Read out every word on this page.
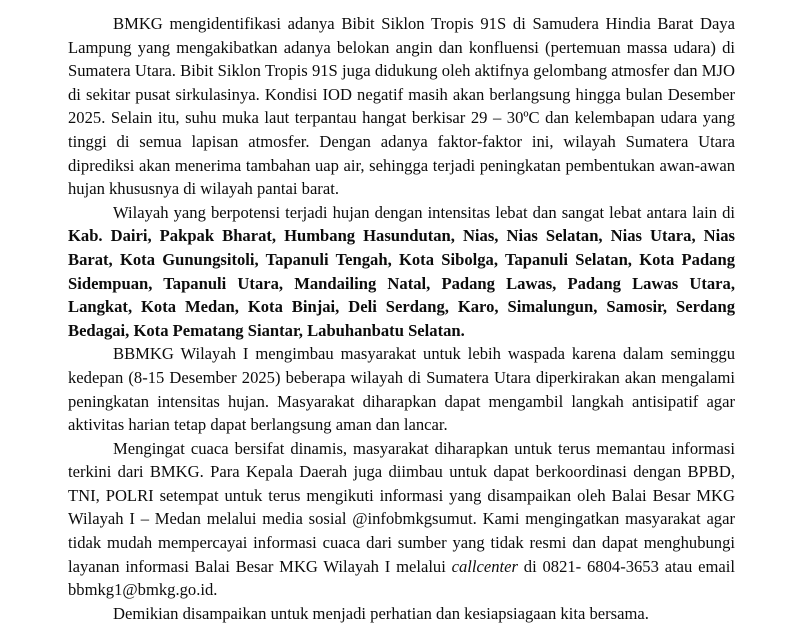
BMKG mengidentifikasi adanya Bibit Siklon Tropis 91S di Samudera Hindia Barat Daya Lampung yang mengakibatkan adanya belokan angin dan konfluensi (pertemuan massa udara) di Sumatera Utara. Bibit Siklon Tropis 91S juga didukung oleh aktifnya gelombang atmosfer dan MJO di sekitar pusat sirkulasinya. Kondisi IOD negatif masih akan berlangsung hingga bulan Desember 2025. Selain itu, suhu muka laut terpantau hangat berkisar 29 – 30ºC dan kelembapan udara yang tinggi di semua lapisan atmosfer. Dengan adanya faktor-faktor ini, wilayah Sumatera Utara diprediksi akan menerima tambahan uap air, sehingga terjadi peningkatan pembentukan awan-awan hujan khususnya di wilayah pantai barat.

Wilayah yang berpotensi terjadi hujan dengan intensitas lebat dan sangat lebat antara lain di Kab. Dairi, Pakpak Bharat, Humbang Hasundutan, Nias, Nias Selatan, Nias Utara, Nias Barat, Kota Gunungsitoli, Tapanuli Tengah, Kota Sibolga, Tapanuli Selatan, Kota Padang Sidempuan, Tapanuli Utara, Mandailing Natal, Padang Lawas, Padang Lawas Utara, Langkat, Kota Medan, Kota Binjai, Deli Serdang, Karo, Simalungun, Samosir, Serdang Bedagai, Kota Pematang Siantar, Labuhanbatu Selatan.

BBMKG Wilayah I mengimbau masyarakat untuk lebih waspada karena dalam seminggu kedepan (8-15 Desember 2025) beberapa wilayah di Sumatera Utara diperkirakan akan mengalami peningkatan intensitas hujan. Masyarakat diharapkan dapat mengambil langkah antisipatif agar aktivitas harian tetap dapat berlangsung aman dan lancar.

Mengingat cuaca bersifat dinamis, masyarakat diharapkan untuk terus memantau informasi terkini dari BMKG. Para Kepala Daerah juga diimbau untuk dapat berkoordinasi dengan BPBD, TNI, POLRI setempat untuk terus mengikuti informasi yang disampaikan oleh Balai Besar MKG Wilayah I – Medan melalui media sosial @infobmkgsumut. Kami mengingatkan masyarakat agar tidak mudah mempercayai informasi cuaca dari sumber yang tidak resmi dan dapat menghubungi layanan informasi Balai Besar MKG Wilayah I melalui callcenter di 0821- 6804-3653 atau email bbmkg1@bmkg.go.id.

Demikian disampaikan untuk menjadi perhatian dan kesiapsiagaan kita bersama.
